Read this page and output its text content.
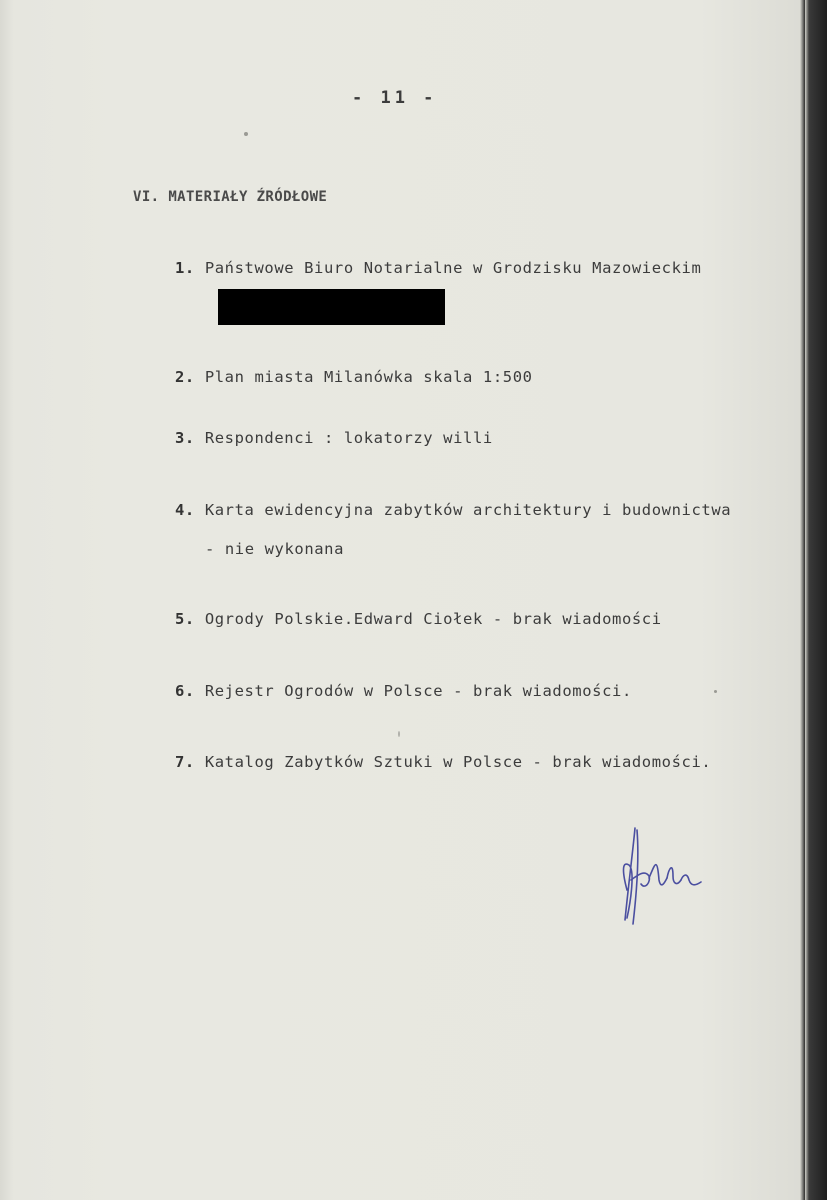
- 11 -
VI. MATERIAŁY ŹRÓDŁOWE
1. Państwowe Biuro Notarialne w Grodzisku Mazowieckim
2. Plan miasta Milanówka skala 1:500
3. Respondenci : lokatorzy willi
4. Karta ewidencyjna zabytków architektury i budownictwa
- nie wykonana
5. Ogrody Polskie.Edward Ciołek - brak wiadomości
6. Rejestr Ogrodów w Polsce - brak wiadomości.
7. Katalog Zabytków Sztuki w Polsce - brak wiadomości.
